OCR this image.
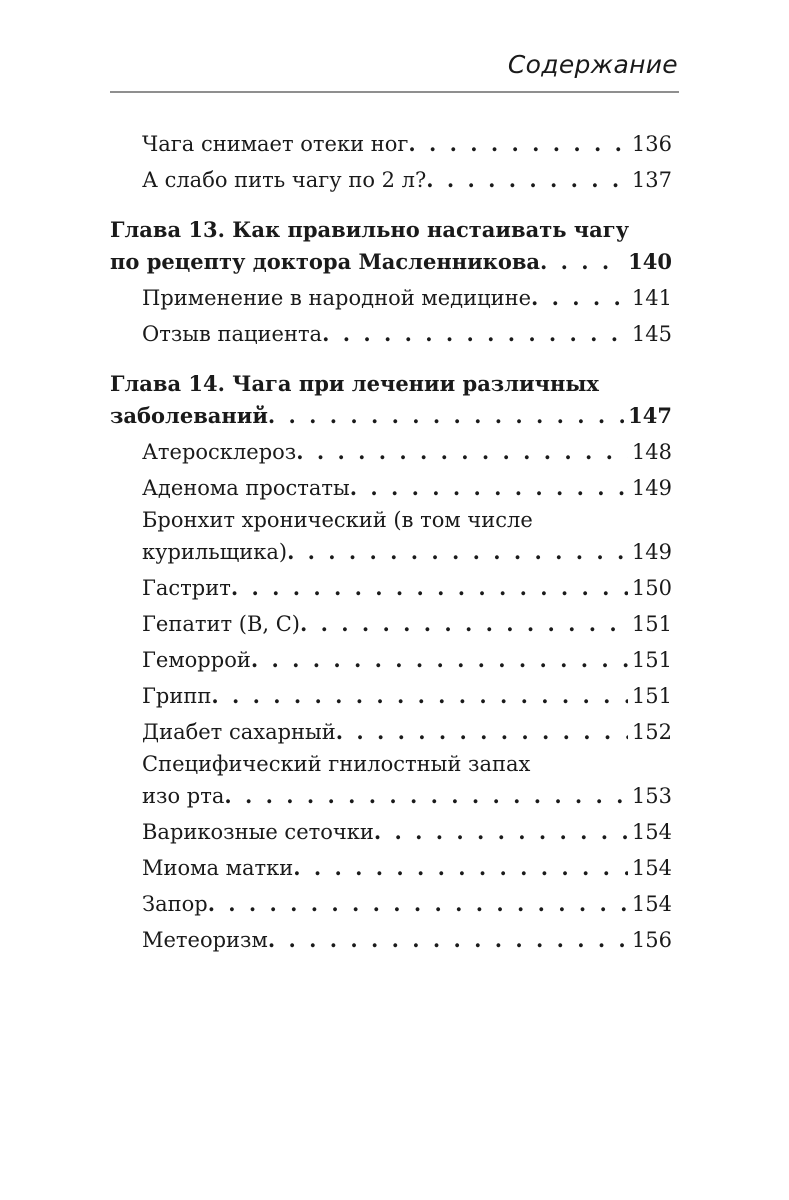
Содержание
Чага снимает отеки ног . . .	136
А слабо пить чагу по 2 л? . . .	137
Глава 13. Как правильно настаивать чагу
по рецепту доктора Масленникова . . .	140
Применение в народной медицине . . .	141
Отзыв пациента . . .	145
Глава 14. Чага при лечении различных
заболеваний . . .	147
Атеросклероз . . .	148
Аденома простаты . . .	149
Бронхит хронический (в том числе
курильщика) . . .	149
Гастрит . . .	150
Гепатит (В, С) . . .	151
Геморрой . . .	151
Грипп . . .	151
Диабет сахарный . . .	152
Специфический гнилостный запах
изо рта . . .	153
Варикозные сеточки . . .	154
Миома матки . . .	154
Запор . . .	154
Метеоризм . . .	156
